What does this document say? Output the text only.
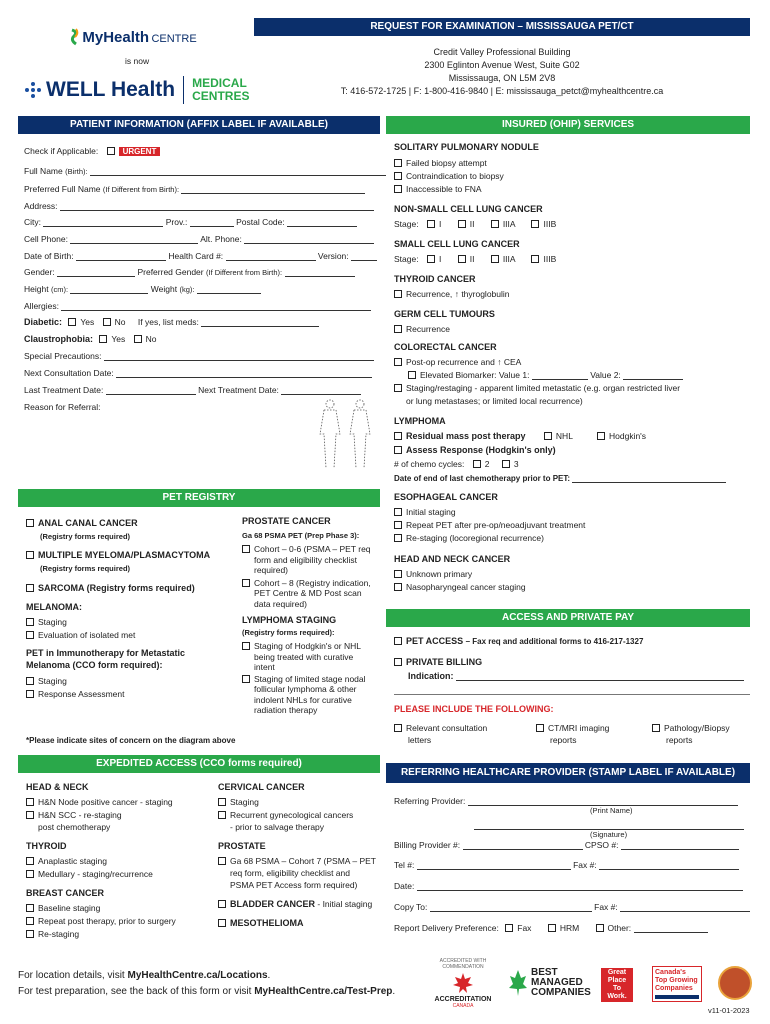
MyHealth CENTRE
is now
WELL Health MEDICAL
CENTRES
REQUEST FOR EXAMINATION – MISSISSAUGA PET/CT
Credit Valley Professional Building
2300 Eglinton Avenue West, Suite G02
Mississauga, ON L5M 2V8
T: 416-572-1725 | F: 1-800-416-9840 | E: mississauga_petct@myhealthcentre.ca
PATIENT INFORMATION (AFFIX LABEL IF AVAILABLE)
Check if Applicable:	URGENT
Full Name (Birth):
Preferred Full Name (If Different from Birth):
Address:
City:	Prov.:	Postal Code:
Cell Phone:	Alt. Phone:
Date of Birth:	Health Card #:	Version:
Gender:	Preferred Gender (If Different from Birth):
Height (cm):	Weight (kg):
Allergies:
Diabetic: Yes No If yes, list meds:
Claustrophobia: Yes No
Special Precautions:
Next Consultation Date:
Last Treatment Date:	Next Treatment Date:
Reason for Referral:
INSURED (OHIP) SERVICES
SOLITARY PULMONARY NODULE
Failed biopsy attempt
Contraindication to biopsy
Inaccessible to FNA
NON-SMALL CELL LUNG CANCER
Stage: I	II	IIIA	IIIB
SMALL CELL LUNG CANCER
Stage: I	II	IIIA	IIIB
THYROID CANCER
Recurrence, ↑ thyroglobulin
GERM CELL TUMOURS
Recurrence
COLORECTAL CANCER
Post-op recurrence and ↑ CEA
Elevated Biomarker: Value 1:	Value 2:
Staging/restaging - apparent limited metastatic (e.g. organ restricted liver
or lung metastases; or limited local recurrence)
LYMPHOMA
Residual mass post therapy	NHL	Hodgkin's
Assess Response (Hodgkin's only)
# of chemo cycles: 2	3
Date of end of last chemotherapy prior to PET:
ESOPHAGEAL CANCER
Initial staging
Repeat PET after pre-op/neoadjuvant treatment
Re-staging (locoregional recurrence)
HEAD AND NECK CANCER
Unknown primary
Nasopharyngeal cancer staging
PET REGISTRY
ANAL CANAL CANCER
(Registry forms required)
MULTIPLE MYELOMA/PLASMACYTOMA
(Registry forms required)
SARCOMA (Registry forms required)
MELANOMA:
Staging
Evaluation of isolated met
PET in Immunotherapy for Metastatic
Melanoma (CCO form required):
Staging
Response Assessment
PROSTATE CANCER
Ga 68 PSMA PET (Prep Phase 3):
Cohort – 0-6 (PSMA – PET req
form and eligibility checklist
required)
Cohort – 8 (Registry indication,
PET Centre & MD Post scan
data required)
LYMPHOMA STAGING
(Registry forms required):
Staging of Hodgkin's or NHL
being treated with curative
intent
Staging of limited stage nodal
follicular lymphoma & other
indolent NHLs for curative
radiation therapy
*Please indicate sites of concern on the diagram above
ACCESS AND PRIVATE PAY
PET ACCESS – Fax req and additional forms to 416-217-1327
PRIVATE BILLING
Indication:
PLEASE INCLUDE THE FOLLOWING:
Relevant consultation
letters
CT/MRI imaging
reports
Pathology/Biopsy
reports
EXPEDITED ACCESS (CCO forms required)
HEAD & NECK
H&N Node positive cancer - staging
H&N SCC - re-staging
post chemotherapy
THYROID
Anaplastic staging
Medullary - staging/recurrence
BREAST CANCER
Baseline staging
Repeat post therapy, prior to surgery
Re-staging
CERVICAL CANCER
Staging
Recurrent gynecological cancers
- prior to salvage therapy
PROSTATE
Ga 68 PSMA – Cohort 7 (PSMA – PET
req form, eligibility checklist and
PSMA PET Access form required)
BLADDER CANCER - Initial staging
MESOTHELIOMA
REFERRING HEALTHCARE PROVIDER (STAMP LABEL IF AVAILABLE)
Referring Provider:
(Print Name)
(Signature)
Billing Provider #:	CPSO #:
Tel #:	Fax #:
Date:
Copy To:	Fax #:
Report Delivery Preference: Fax	HRM	Other:
For location details, visit MyHealthCentre.ca/Locations.
For test preparation, see the back of this form or visit MyHealthCentre.ca/Test-Prep.
ACCREDITED WITH COMMENDATION
ACCREDITATION
CANADA
BEST
MANAGED
COMPANIES
Great
Place
To
Work.
Canada's
Top Growing
Companies
v11-01-2023
